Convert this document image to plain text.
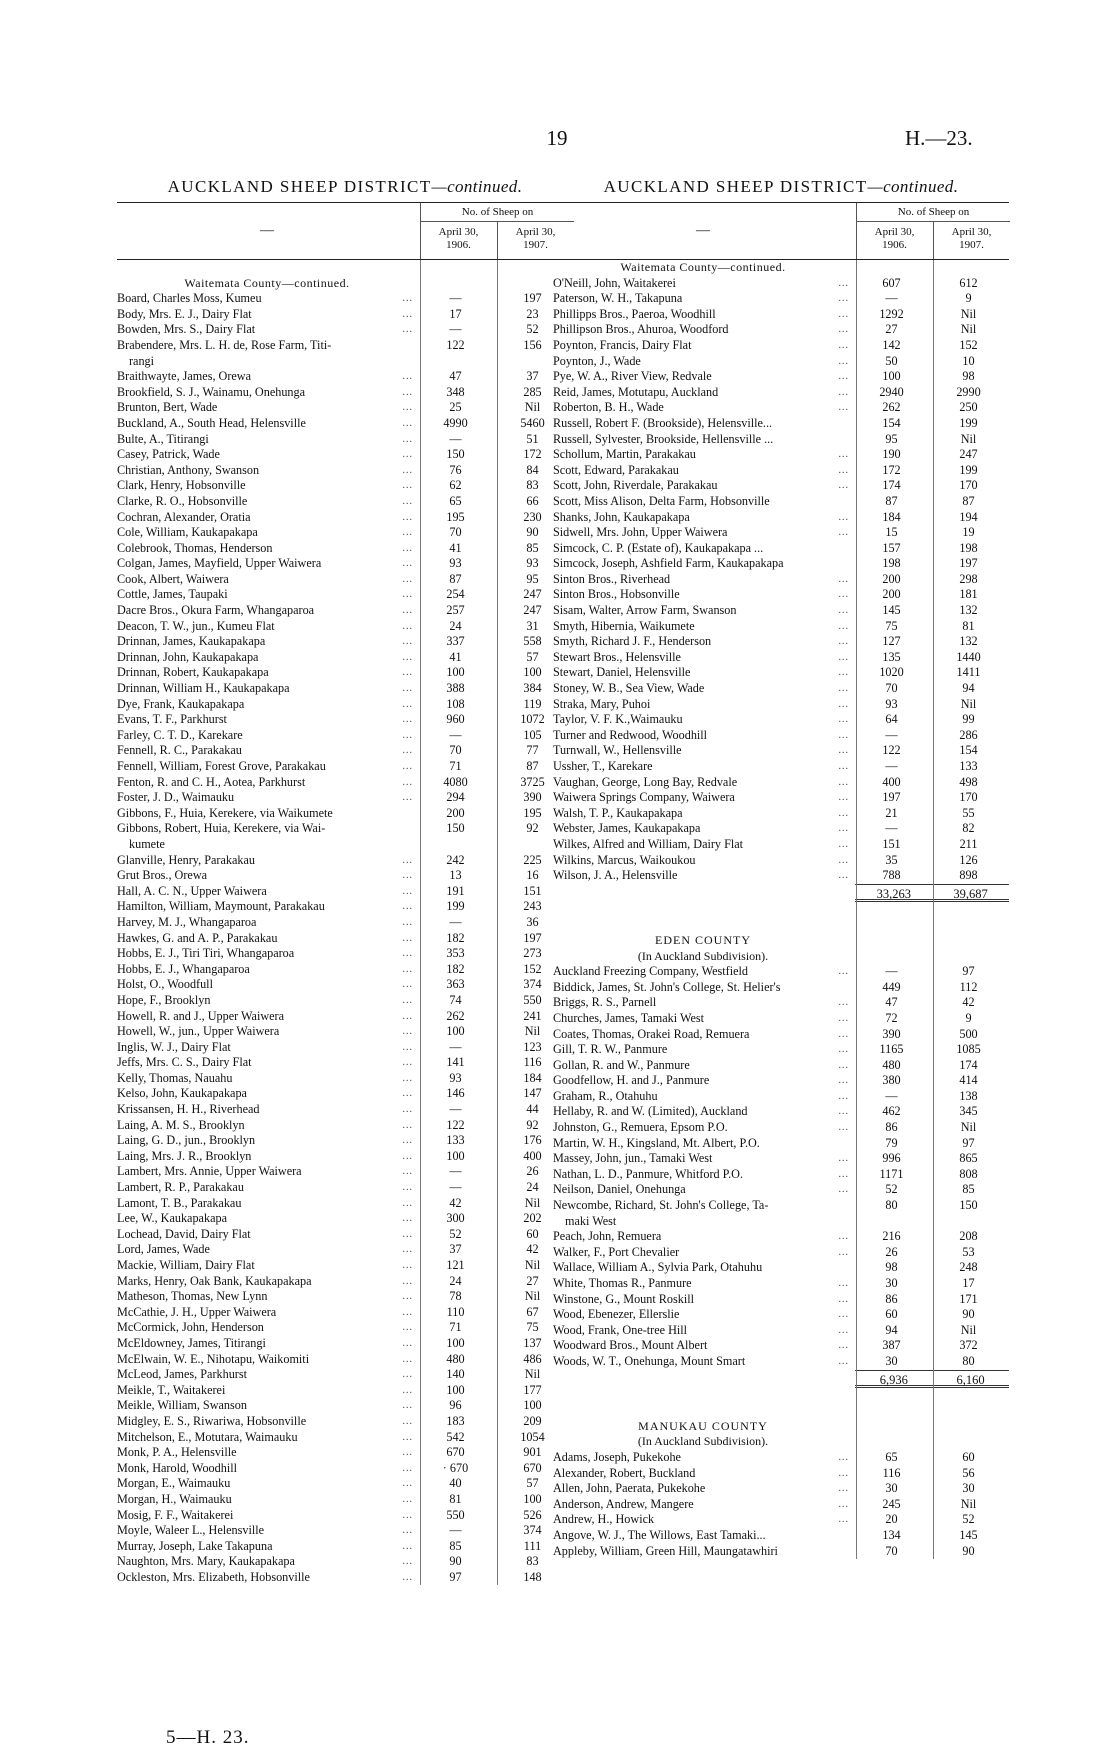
19	H.—23.
AUCKLAND SHEEP DISTRICT—continued.
—
No. of Sheep on
April 30,
1906.
April 30,
1907.
Waitemata County—continued.
Board, Charles Moss, Kumeu	...	—	197
Body, Mrs. E. J., Dairy Flat	...	17	23
Bowden, Mrs. S., Dairy Flat	...	—	52
Brabendere, Mrs. L. H. de, Rose Farm, Titi-	122	156
rangi
Braithwayte, James, Orewa	...	47	37
Brookfield, S. J., Wainamu, Onehunga	...	348	285
Brunton, Bert, Wade	...	25	Nil
Buckland, A., South Head, Helensville	...	4990	5460
Bulte, A., Titirangi	...	—	51
Casey, Patrick, Wade	...	150	172
Christian, Anthony, Swanson	...	76	84
Clark, Henry, Hobsonville	...	62	83
Clarke, R. O., Hobsonville	...	65	66
Cochran, Alexander, Oratia	...	195	230
Cole, William, Kaukapakapa	...	70	90
Colebrook, Thomas, Henderson	...	41	85
Colgan, James, Mayfield, Upper Waiwera	...	93	93
Cook, Albert, Waiwera	...	87	95
Cottle, James, Taupaki	...	254	247
Dacre Bros., Okura Farm, Whangaparoa	...	257	247
Deacon, T. W., jun., Kumeu Flat	...	24	31
Drinnan, James, Kaukapakapa	...	337	558
Drinnan, John, Kaukapakapa	...	41	57
Drinnan, Robert, Kaukapakapa	...	100	100
Drinnan, William H., Kaukapakapa	...	388	384
Dye, Frank, Kaukapakapa	...	108	119
Evans, T. F., Parkhurst	...	960	1072
Farley, C. T. D., Karekare	...	—	105
Fennell, R. C., Parakakau	...	70	77
Fennell, William, Forest Grove, Parakakau	...	71	87
Fenton, R. and C. H., Aotea, Parkhurst	...	4080	3725
Foster, J. D., Waimauku	...	294	390
Gibbons, F., Huia, Kerekere, via Waikumete	200	195
Gibbons, Robert, Huia, Kerekere, via Wai-	150	92
kumete
Glanville, Henry, Parakakau	...	242	225
Grut Bros., Orewa	...	13	16
Hall, A. C. N., Upper Waiwera	...	191	151
Hamilton, William, Maymount, Parakakau	...	199	243
Harvey, M. J., Whangaparoa	...	—	36
Hawkes, G. and A. P., Parakakau	...	182	197
Hobbs, E. J., Tiri Tiri, Whangaparoa	...	353	273
Hobbs, E. J., Whangaparoa	...	182	152
Holst, O., Woodfull	...	363	374
Hope, F., Brooklyn	...	74	550
Howell, R. and J., Upper Waiwera	...	262	241
Howell, W., jun., Upper Waiwera	...	100	Nil
Inglis, W. J., Dairy Flat	...	—	123
Jeffs, Mrs. C. S., Dairy Flat	...	141	116
Kelly, Thomas, Nauahu	...	93	184
Kelso, John, Kaukapakapa	...	146	147
Krissansen, H. H., Riverhead	...	—	44
Laing, A. M. S., Brooklyn	...	122	92
Laing, G. D., jun., Brooklyn	...	133	176
Laing, Mrs. J. R., Brooklyn	...	100	400
Lambert, Mrs. Annie, Upper Waiwera	...	—	26
Lambert, R. P., Parakakau	...	—	24
Lamont, T. B., Parakakau	...	42	Nil
Lee, W., Kaukapakapa	...	300	202
Lochead, David, Dairy Flat	...	52	60
Lord, James, Wade	...	37	42
Mackie, William, Dairy Flat	...	121	Nil
Marks, Henry, Oak Bank, Kaukapakapa	...	24	27
Matheson, Thomas, New Lynn	...	78	Nil
McCathie, J. H., Upper Waiwera	...	110	67
McCormick, John, Henderson	...	71	75
McEldowney, James, Titirangi	...	100	137
McElwain, W. E., Nihotapu, Waikomiti	...	480	486
McLeod, James, Parkhurst	...	140	Nil
Meikle, T., Waitakerei	...	100	177
Meikle, William, Swanson	...	96	100
Midgley, E. S., Riwariwa, Hobsonville	...	183	209
Mitchelson, E., Motutara, Waimauku	...	542	1054
Monk, P. A., Helensville	...	670	901
Monk, Harold, Woodhill	...	· 670	670
Morgan, E., Waimauku	...	40	57
Morgan, H., Waimauku	...	81	100
Mosig, F. F., Waitakerei	...	550	526
Moyle, Waleer L., Helensville	...	—	374
Murray, Joseph, Lake Takapuna	...	85	111
Naughton, Mrs. Mary, Kaukapakapa	...	90	83
Ockleston, Mrs. Elizabeth, Hobsonville	...	97	148
AUCKLAND SHEEP DISTRICT—continued.
—
No. of Sheep on
April 30,
1906.
April 30,
1907.
Waitemata County—continued.
O'Neill, John, Waitakerei	...	607	612
Paterson, W. H., Takapuna	...	—	9
Phillipps Bros., Paeroa, Woodhill	...	1292	Nil
Phillipson Bros., Ahuroa, Woodford	...	27	Nil
Poynton, Francis, Dairy Flat	...	142	152
Poynton, J., Wade	...	50	10
Pye, W. A., River View, Redvale	...	100	98
Reid, James, Motutapu, Auckland	...	2940	2990
Roberton, B. H., Wade	...	262	250
Russell, Robert F. (Brookside), Helensville...	154	199
Russell, Sylvester, Brookside, Hellensville ...	95	Nil
Schollum, Martin, Parakakau	...	190	247
Scott, Edward, Parakakau	...	172	199
Scott, John, Riverdale, Parakakau	...	174	170
Scott, Miss Alison, Delta Farm, Hobsonville	87	87
Shanks, John, Kaukapakapa	...	184	194
Sidwell, Mrs. John, Upper Waiwera	...	15	19
Simcock, C. P. (Estate of), Kaukapakapa ...	157	198
Simcock, Joseph, Ashfield Farm, Kaukapakapa	198	197
Sinton Bros., Riverhead	...	200	298
Sinton Bros., Hobsonville	...	200	181
Sisam, Walter, Arrow Farm, Swanson	...	145	132
Smyth, Hibernia, Waikumete	...	75	81
Smyth, Richard J. F., Henderson	...	127	132
Stewart Bros., Helensville	...	135	1440
Stewart, Daniel, Helensville	...	1020	1411
Stoney, W. B., Sea View, Wade	...	70	94
Straka, Mary, Puhoi	...	93	Nil
Taylor, V. F. K.,Waimauku	...	64	99
Turner and Redwood, Woodhill	...	—	286
Turnwall, W., Hellensville	...	122	154
Ussher, T., Karekare	...	—	133
Vaughan, George, Long Bay, Redvale	...	400	498
Waiwera Springs Company, Waiwera	...	197	170
Walsh, T. P., Kaukapakapa	...	21	55
Webster, James, Kaukapakapa	...	—	82
Wilkes, Alfred and William, Dairy Flat	...	151	211
Wilkins, Marcus, Waikoukou	...	35	126
Wilson, J. A., Helensville	...	788	898
33,263	39,687
EDEN COUNTY
(In Auckland Subdivision).
Auckland Freezing Company, Westfield	...	—	97
Biddick, James, St. John's College, St. Helier's	449	112
Briggs, R. S., Parnell	...	47	42
Churches, James, Tamaki West	...	72	9
Coates, Thomas, Orakei Road, Remuera	...	390	500
Gill, T. R. W., Panmure	...	1165	1085
Gollan, R. and W., Panmure	...	480	174
Goodfellow, H. and J., Panmure	...	380	414
Graham, R., Otahuhu	...	—	138
Hellaby, R. and W. (Limited), Auckland	...	462	345
Johnston, G., Remuera, Epsom P.O.	...	86	Nil
Martin, W. H., Kingsland, Mt. Albert, P.O.	79	97
Massey, John, jun., Tamaki West	...	996	865
Nathan, L. D., Panmure, Whitford P.O.	...	1171	808
Neilson, Daniel, Onehunga	...	52	85
Newcombe, Richard, St. John's College, Ta-	80	150
maki West
Peach, John, Remuera	...	216	208
Walker, F., Port Chevalier	...	26	53
Wallace, William A., Sylvia Park, Otahuhu	98	248
White, Thomas R., Panmure	...	30	17
Winstone, G., Mount Roskill	...	86	171
Wood, Ebenezer, Ellerslie	...	60	90
Wood, Frank, One-tree Hill	...	94	Nil
Woodward Bros., Mount Albert	...	387	372
Woods, W. T., Onehunga, Mount Smart	...	30	80
6,936	6,160
MANUKAU COUNTY
(In Auckland Subdivision).
Adams, Joseph, Pukekohe	...	65	60
Alexander, Robert, Buckland	...	116	56
Allen, John, Paerata, Pukekohe	...	30	30
Anderson, Andrew, Mangere	...	245	Nil
Andrew, H., Howick	...	20	52
Angove, W. J., The Willows, East Tamaki...	134	145
Appleby, William, Green Hill, Maungatawhiri	70	90
5—H. 23.
